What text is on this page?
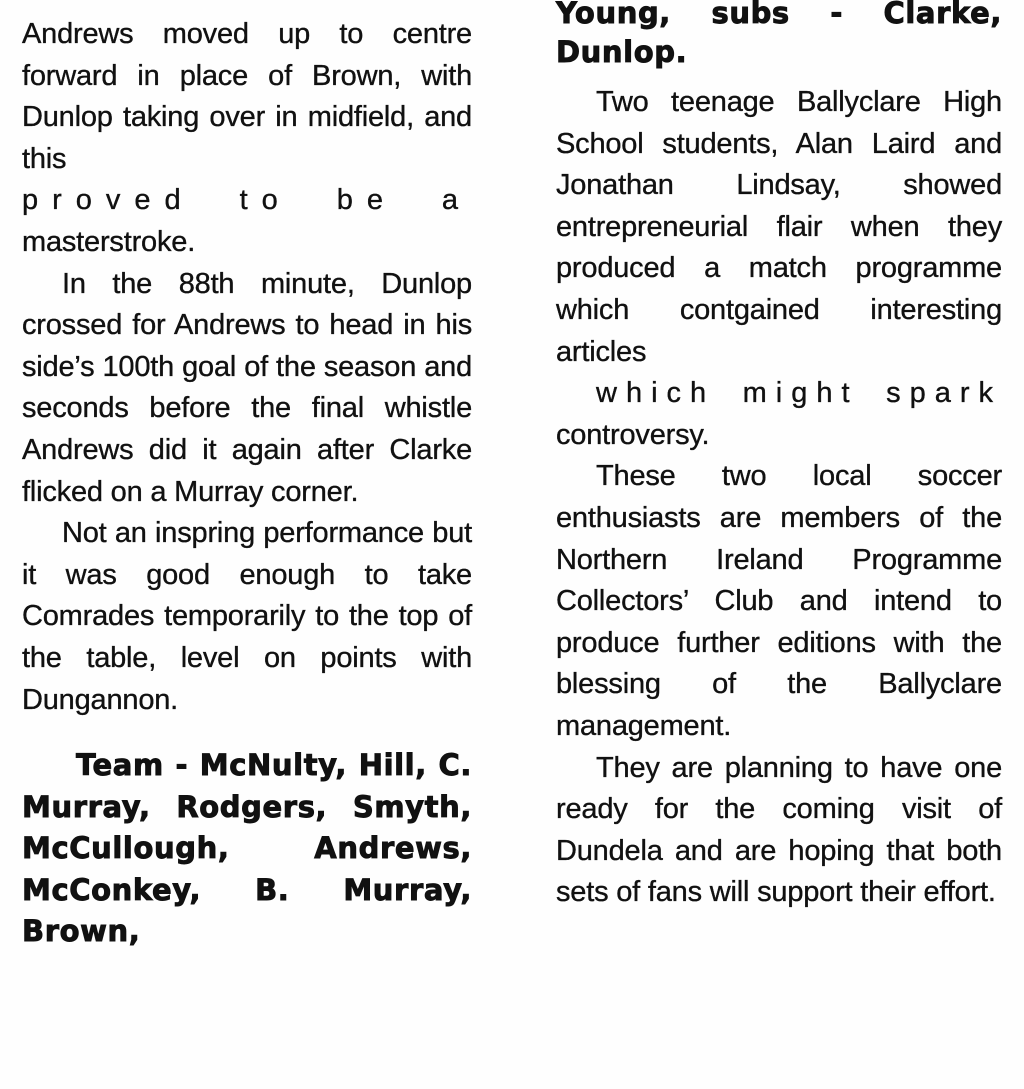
Andrews moved up to centre forward in place of Brown, with Dunlop taking over in midfield, and this
proved to be a
masterstroke.

In the 88th minute, Dunlop crossed for Andrews to head in his side’s 100th goal of the season and seconds before the final whistle Andrews did it again after Clarke flicked on a Murray corner.

Not an inspring performance but it was good enough to take Comrades temporarily to the top of the table, level on points with Dungannon.

Team - McNulty, Hill, C. Murray, Rodgers, Smyth, McCullough, Andrews, McConkey, B. Murray, Brown,

Young, subs - Clarke, Dunlop.

Two teenage Ballyclare High School students, Alan Laird and Jonathan Lindsay, showed entrepreneurial flair when they produced a match programme which contgained interesting articles
which might spark
controversy.

These two local soccer enthusiasts are members of the Northern Ireland Programme Collectors’ Club and intend to produce further editions with the blessing of the Ballyclare management.

They are planning to have one ready for the coming visit of Dundela and are hoping that both sets of fans will support their effort.
